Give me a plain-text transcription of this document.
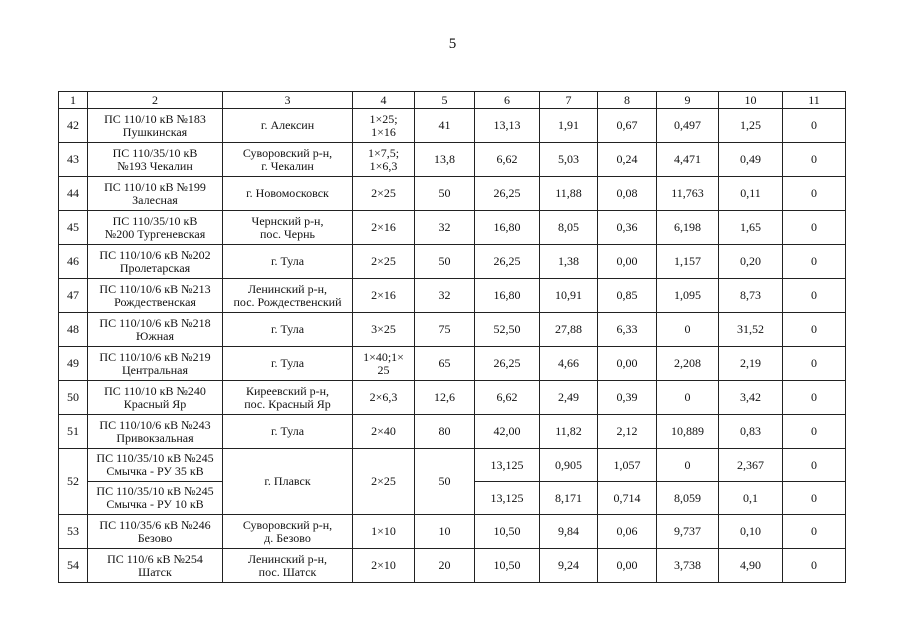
5
1	2	3	4	5	6	7	8	9	10	11
42	ПС 110/10 кВ №183
Пушкинская	г. Алексин	1×25;
1×16	41	13,13	1,91	0,67	0,497	1,25	0
43	ПС 110/35/10 кВ
№193 Чекалин	Суворовский р-н,
г. Чекалин	1×7,5;
1×6,3	13,8	6,62	5,03	0,24	4,471	0,49	0
44	ПС 110/10 кВ №199
Залесная	г. Новомосковск	2×25	50	26,25	11,88	0,08	11,763	0,11	0
45	ПС 110/35/10 кВ
№200 Тургеневская	Чернский р-н,
пос. Чернь	2×16	32	16,80	8,05	0,36	6,198	1,65	0
46	ПС 110/10/6 кВ №202
Пролетарская	г. Тула	2×25	50	26,25	1,38	0,00	1,157	0,20	0
47	ПС 110/10/6 кВ №213
Рождественская	Ленинский р-н,
пос. Рождественский	2×16	32	16,80	10,91	0,85	1,095	8,73	0
48	ПС 110/10/6 кВ №218
Южная	г. Тула	3×25	75	52,50	27,88	6,33	0	31,52	0
49	ПС 110/10/6 кВ №219
Центральная	г. Тула	1×40;1×
25	65	26,25	4,66	0,00	2,208	2,19	0
50	ПС 110/10 кВ №240
Красный Яр	Киреевский р-н,
пос. Красный Яр	2×6,3	12,6	6,62	2,49	0,39	0	3,42	0
51	ПС 110/10/6 кВ №243
Привокзальная	г. Тула	2×40	80	42,00	11,82	2,12	10,889	0,83	0
52	ПС 110/35/10 кВ №245
Смычка - РУ 35 кВ	г. Плавск	2×25	50	13,125	0,905	1,057	0	2,367	0
	ПС 110/35/10 кВ №245
Смычка - РУ 10 кВ				13,125	8,171	0,714	8,059	0,1	0
53	ПС 110/35/6 кВ №246
Безово	Суворовский р-н,
д. Безово	1×10	10	10,50	9,84	0,06	9,737	0,10	0
54	ПС 110/6 кВ №254
Шатск	Ленинский р-н,
пос. Шатск	2×10	20	10,50	9,24	0,00	3,738	4,90	0
